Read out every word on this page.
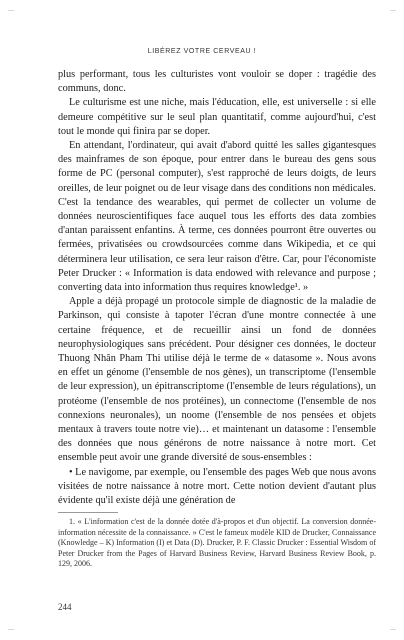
LIBÉREZ VOTRE CERVEAU !

plus performant, tous les culturistes vont vouloir se doper : tragédie des communs, donc.

Le culturisme est une niche, mais l'éducation, elle, est universelle : si elle demeure compétitive sur le seul plan quantitatif, comme aujourd'hui, c'est tout le monde qui finira par se doper.

En attendant, l'ordinateur, qui avait d'abord quitté les salles gigantesques des mainframes de son époque, pour entrer dans le bureau des gens sous forme de PC (personal computer), s'est rapproché de leurs doigts, de leurs oreilles, de leur poignet ou de leur visage dans des conditions non médicales. C'est la tendance des wearables, qui permet de collecter un volume de données neuroscientifiques face auquel tous les efforts des data zombies d'antan paraissent enfantins. À terme, ces données pourront être ouvertes ou fermées, privatisées ou crowdsourcées comme dans Wikipedia, et ce qui déterminera leur utilisation, ce sera leur raison d'être. Car, pour l'économiste Peter Drucker : « Information is data endowed with relevance and purpose ; converting data into information thus requires knowledge¹. »

Apple a déjà propagé un protocole simple de diagnostic de la maladie de Parkinson, qui consiste à tapoter l'écran d'une montre connectée à une certaine fréquence, et de recueillir ainsi un fond de données neurophysiologiques sans précédent. Pour désigner ces données, le docteur Thuong Nhân Pham Thi utilise déjà le terme de « datasome ». Nous avons en effet un génome (l'ensemble de nos gènes), un transcriptome (l'ensemble de leur expression), un épitranscriptome (l'ensemble de leurs régulations), un protéome (l'ensemble de nos protéines), un connectome (l'ensemble de nos connexions neuronales), un noome (l'ensemble de nos pensées et objets mentaux à travers toute notre vie)… et maintenant un datasome : l'ensemble des données que nous générons de notre naissance à notre mort. Cet ensemble peut avoir une grande diversité de sous-ensembles :

• Le navigome, par exemple, ou l'ensemble des pages Web que nous avons visitées de notre naissance à notre mort. Cette notion devient d'autant plus évidente qu'il existe déjà une génération de

1. « L'information c'est de la donnée dotée d'à-propos et d'un objectif. La conversion donnée-information nécessite de la connaissance. » C'est le fameux modèle KID de Drucker, Connaissance (Knowledge – K) Information (I) et Data (D). Drucker, P. F. Classic Drucker : Essential Wisdom of Peter Drucker from the Pages of Harvard Business Review, Harvard Business Review Book, p. 129, 2006.

244
